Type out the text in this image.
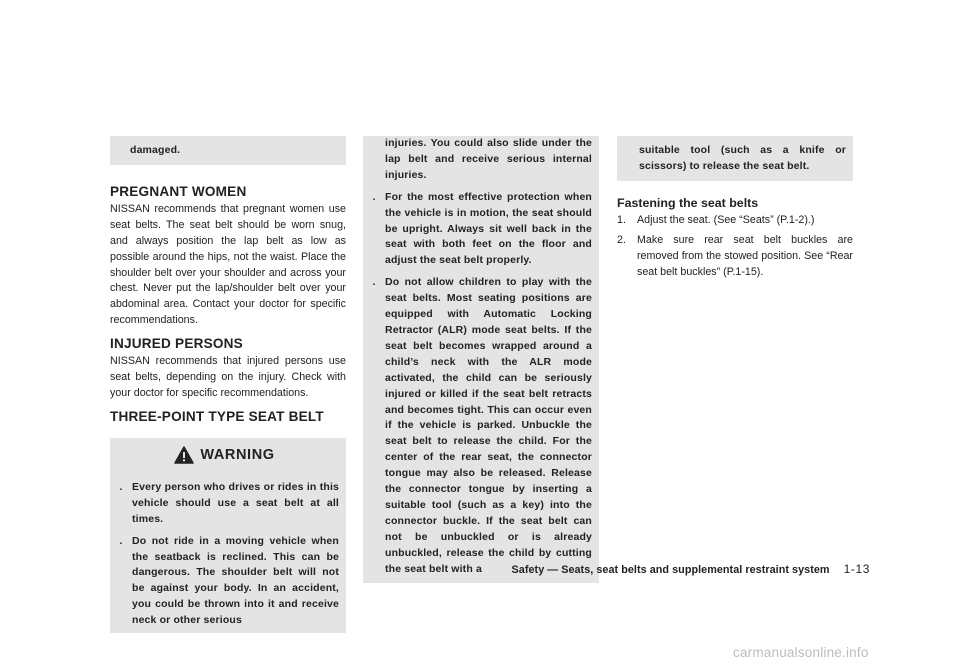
damaged.
PREGNANT WOMEN

NISSAN recommends that pregnant women use seat belts. The seat belt should be worn snug, and always position the lap belt as low as possible around the hips, not the waist. Place the shoulder belt over your shoulder and across your chest. Never put the lap/shoulder belt over your abdominal area. Contact your doctor for specific recommendations.

INJURED PERSONS

NISSAN recommends that injured persons use seat belts, depending on the injury. Check with your doctor for specific recommendations.

THREE-POINT TYPE SEAT BELT
WARNING
. Every person who drives or rides in this vehicle should use a seat belt at all times.
. Do not ride in a moving vehicle when the seatback is reclined. This can be dangerous. The shoulder belt will not be against your body. In an accident, you could be thrown into it and receive neck or other serious
injuries. You could also slide under the lap belt and receive serious internal injuries.
. For the most effective protection when the vehicle is in motion, the seat should be upright. Always sit well back in the seat with both feet on the floor and adjust the seat belt properly.
. Do not allow children to play with the seat belts. Most seating positions are equipped with Automatic Locking Retractor (ALR) mode seat belts. If the seat belt becomes wrapped around a child’s neck with the ALR mode activated, the child can be seriously injured or killed if the seat belt retracts and becomes tight. This can occur even if the vehicle is parked. Unbuckle the seat belt to release the child. For the center of the rear seat, the connector tongue may also be released. Release the connector tongue by inserting a suitable tool (such as a key) into the connector buckle. If the seat belt can not be unbuckled or is already unbuckled, release the child by cutting the seat belt with a
suitable tool (such as a knife or scissors) to release the seat belt.
Fastening the seat belts
1.	Adjust the seat. (See “Seats” (P.1-2).)
2.	Make sure rear seat belt buckles are removed from the stowed position. See “Rear seat belt buckles” (P.1-15).
Safety — Seats, seat belts and supplemental restraint system 1-13
carmanualsonline.info
